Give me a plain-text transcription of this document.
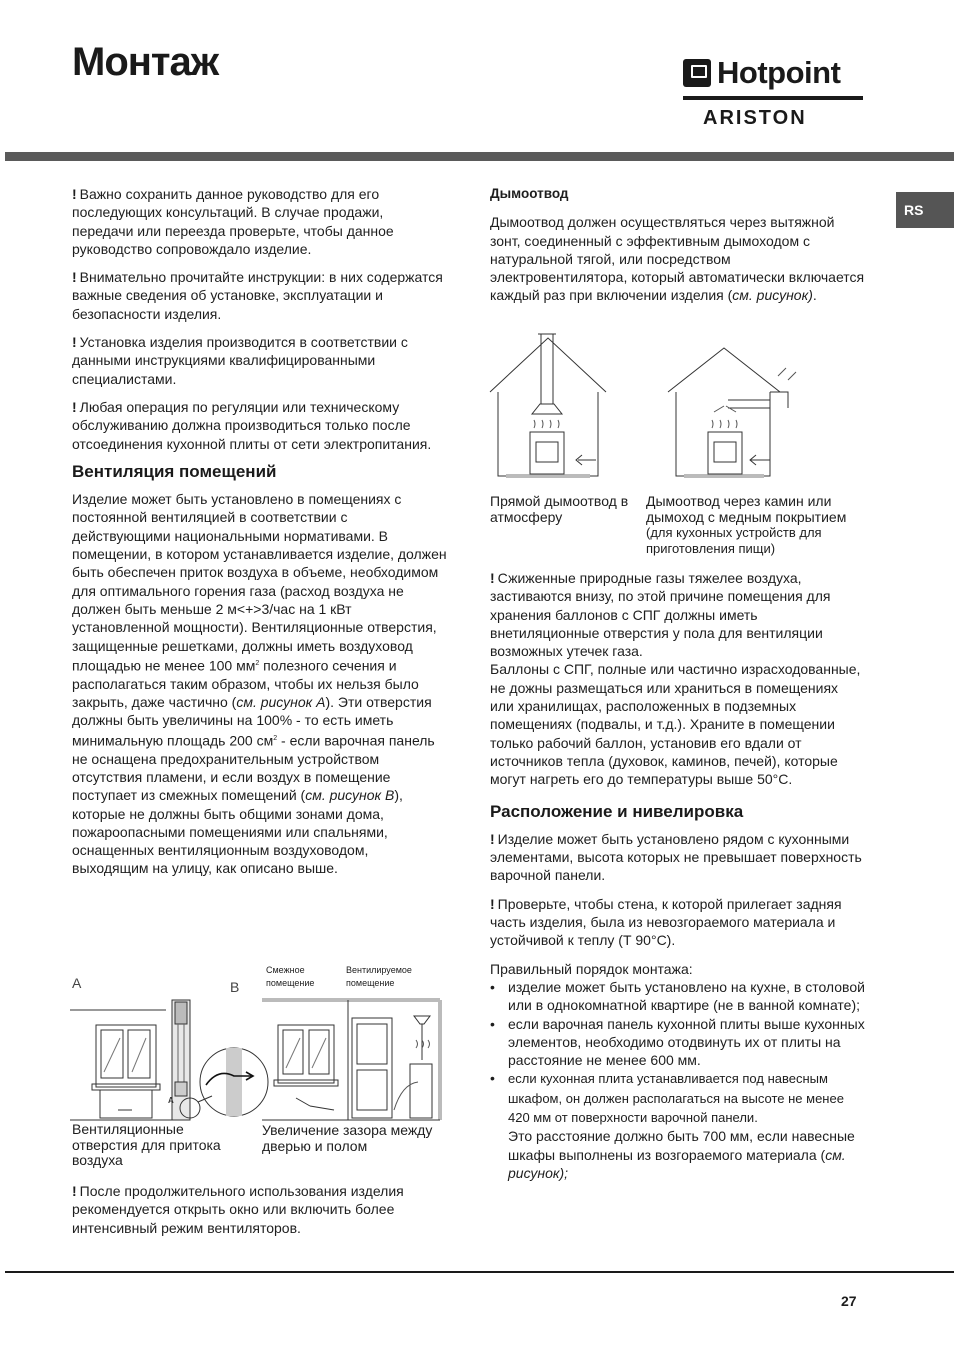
Монтаж	Hotpoint
ARISTON
RS
! Важно сохранить данное руководство для его последующих консультаций. В случае продажи, передачи или переезда проверьте, чтобы данное руководство сопровождало изделие.
! Внимательно прочитайте инструкции: в них содержатся важные сведения об установке, эксплуатации и безопасности изделия.
! Установка изделия производится в соответствии с данными инструкциями квалифицированными специалистами.
! Любая операция по регуляции или техническому обслуживанию должна производиться только после отсоединения кухонной плиты от сети электропитания.
Вентиляция помещений
Изделие может быть установлено в помещениях с постоянной вентиляцией в соответствии с действующими национальными нормативами. В помещении, в котором устанавливается изделие, должен быть обеспечен приток воздуха в объеме, необходимом для оптимального горения газа (расход воздуха не должен быть меньше 2 м<+>3/час на 1 кВт установленной мощности). Вентиляционные отверстия, защищенные решетками, должны иметь воздуховод площадью не менее 100 $мм^2$ полезного сечения и располагаться таким образом, чтобы их нельзя было закрыть, даже частично (см. рисунок А). Эти отверстия должны быть увеличины на 100% - то есть иметь минимальную площадь 200 $см^2$ - если варочная панель не оснащена предохранительным устройством отсутствия пламени, и если воздух в помещение поступает из смежных помещений (см. рисунок В), которые не должны быть общими зонами дома, пожароопасными помещениями или спальнями, оснащенных вентиляционным воздуховодом, выходящим на улицу, как описано выше.
A	B
Смежное помещение
Вентилируемое помещение
A
Вентиляционные отверстия для притока воздуха
Увеличение зазора между дверью и полом
! После продолжительного использования изделия рекомендуется открыть окно или включить более интенсивный режим вентиляторов.
Дымоотвод
Дымоотвод должен осуществляться через вытяжной зонт, соединенный с эффективным дымоходом с натуральной тягой, или посредством электровентилятора, который автоматически включается каждый раз при включении изделия (см. рисунок).
Прямой дымоотвод в атмосферу
Дымоотвод через камин или дымоход с медным покрытием (для кухонных устройств для приготовления пищи)
! Сжиженные природные газы тяжелее воздуха, застиваются внизу, по этой причине помещения для хранения баллонов с СПГ должны иметь внетиляционные отверстия у пола для вентиляции возможных утечек газа.
Баллоны с СПГ, полные или частично израсходованные, не дожны размещаться или храниться в помещениях или хранилищах, расположенных в подземных помещениях (подвалы, и т.д.). Храните в помещении только рабочий баллон, установив его вдали от источников тепла (духовок, каминов, печей), которые могут нагреть его до температуры выше 50°С.
Расположение и нивелировка
! Изделие может быть установлено рядом с кухонными элементами, высота которых не превышает поверхность варочной панели.
! Проверьте, чтобы стена, к которой прилегает задняя часть изделия, была из невозгораемого материала и устойчивой к теплу (Т 90°С).
Правильный порядок монтажа:
• изделие может быть установлено на кухне, в столовой или в однокомнатной квартире (не в ванной комнате);
• если варочная панель кухонной плиты выше кухонных элементов, необходимо отодвинуть их от плиты на расстояние не менее 600 мм.
• если кухонная плита устанавливается под навесным шкафом, он должен располагаться на высоте не менее 420 мм от поверхности варочной панели.
Это расстояние должно быть 700 мм, если навесные шкафы выполнены из возгораемого материала (см. рисунок);
27
